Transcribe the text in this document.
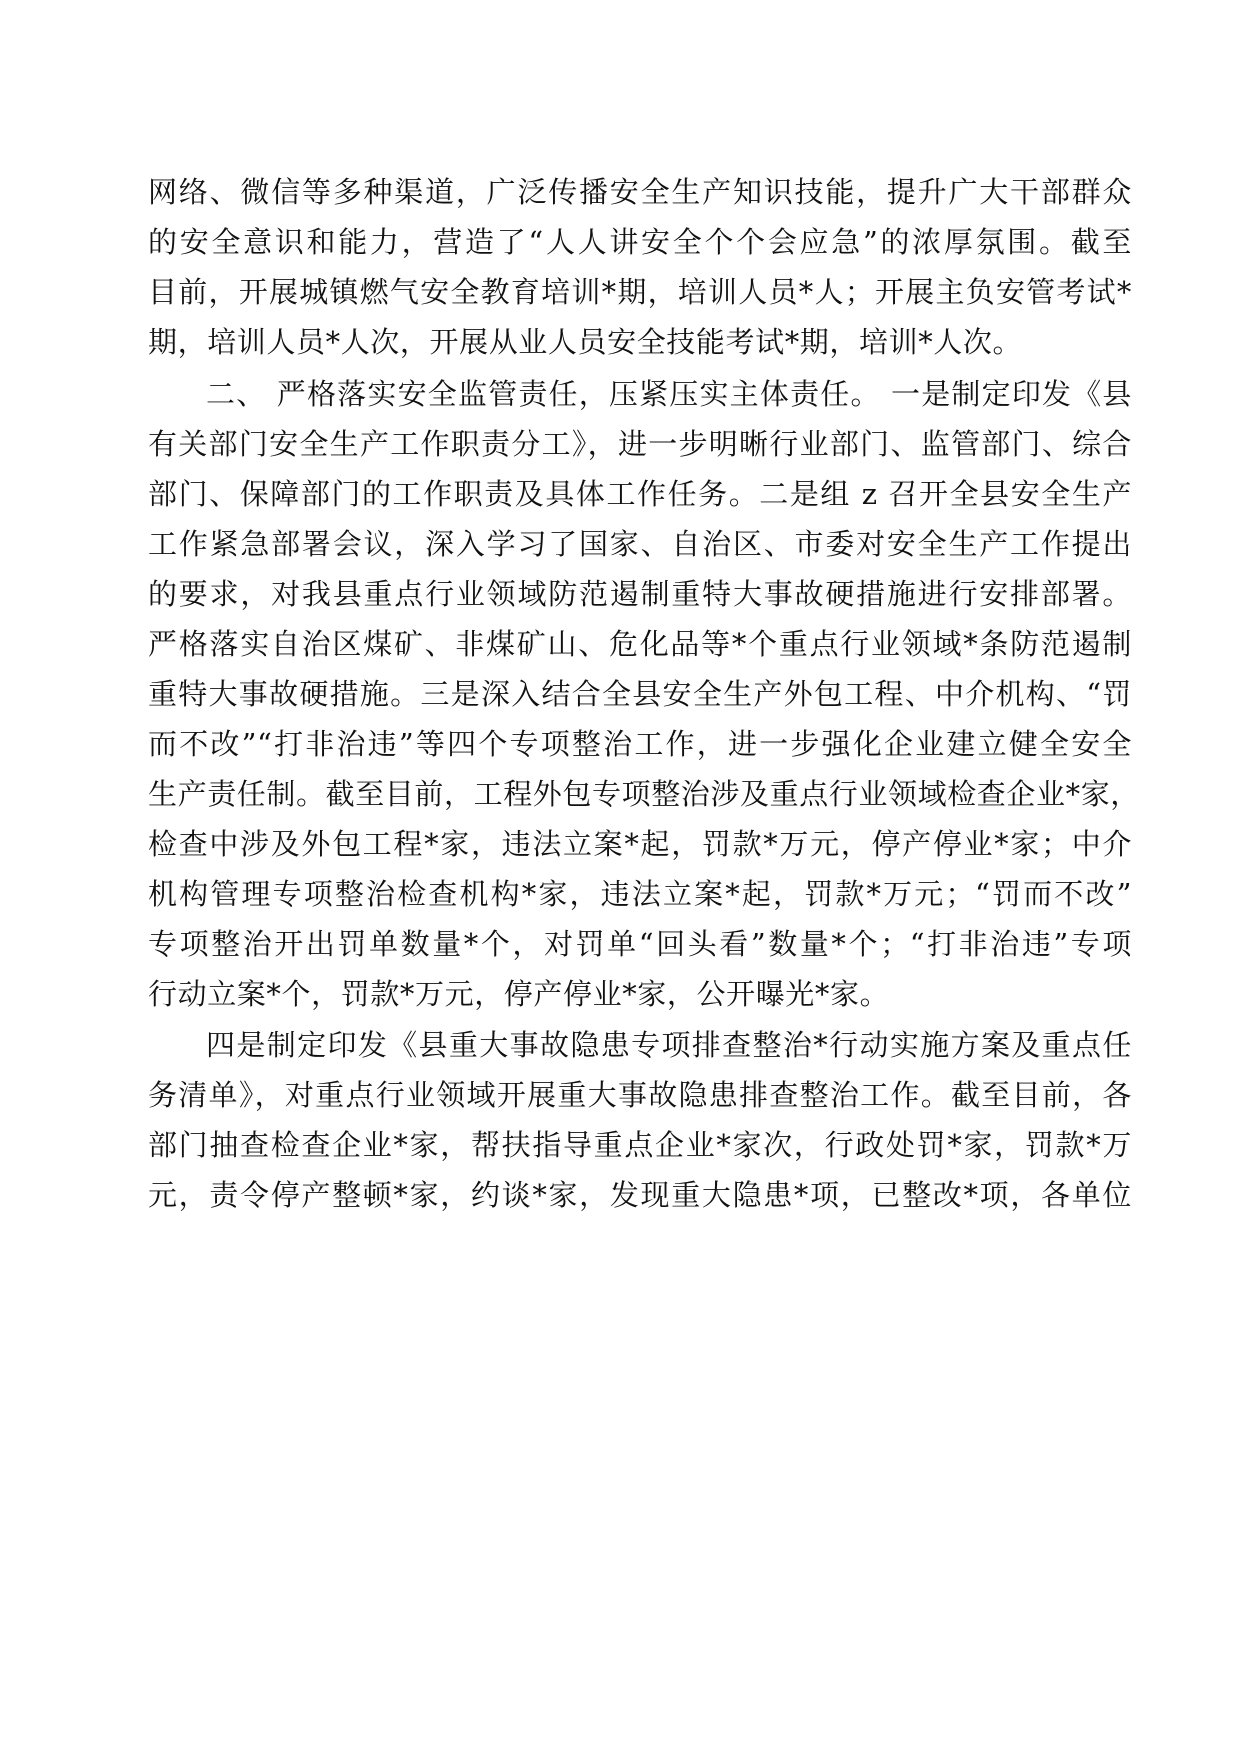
网络、微信等多种渠道，广泛传播安全生产知识技能，提升广大干部群众
的安全意识和能力，营造了“人人讲安全个个会应急”的浓厚氛围。截至
目前，开展城镇燃气安全教育培训*期，培训人员*人；开展主负安管考试*
期，培训人员*人次，开展从业人员安全技能考试*期，培训*人次。
二、 严格落实安全监管责任，压紧压实主体责任。 一是制定印发《县
有关部门安全生产工作职责分工》，进一步明晰行业部门、监管部门、综合
部门、保障部门的工作职责及具体工作任务。二是组 z 召开全县安全生产
工作紧急部署会议，深入学习了国家、自治区、市委对安全生产工作提出
的要求，对我县重点行业领域防范遏制重特大事故硬措施进行安排部署。
严格落实自治区煤矿、非煤矿山、危化品等*个重点行业领域*条防范遏制
重特大事故硬措施。三是深入结合全县安全生产外包工程、中介机构、“罚
而不改”“打非治违”等四个专项整治工作，进一步强化企业建立健全安全
生产责任制。截至目前，工程外包专项整治涉及重点行业领域检查企业*家，
检查中涉及外包工程*家，违法立案*起，罚款*万元，停产停业*家；中介
机构管理专项整治检查机构*家，违法立案*起，罚款*万元；“罚而不改”
专项整治开出罚单数量*个，对罚单“回头看”数量*个；“打非治违”专项
行动立案*个，罚款*万元，停产停业*家，公开曝光*家。
四是制定印发《县重大事故隐患专项排查整治*行动实施方案及重点任
务清单》，对重点行业领域开展重大事故隐患排查整治工作。截至目前，各
部门抽查检查企业*家，帮扶指导重点企业*家次，行政处罚*家，罚款*万
元，责令停产整顿*家，约谈*家，发现重大隐患*项，已整改*项，各单位
